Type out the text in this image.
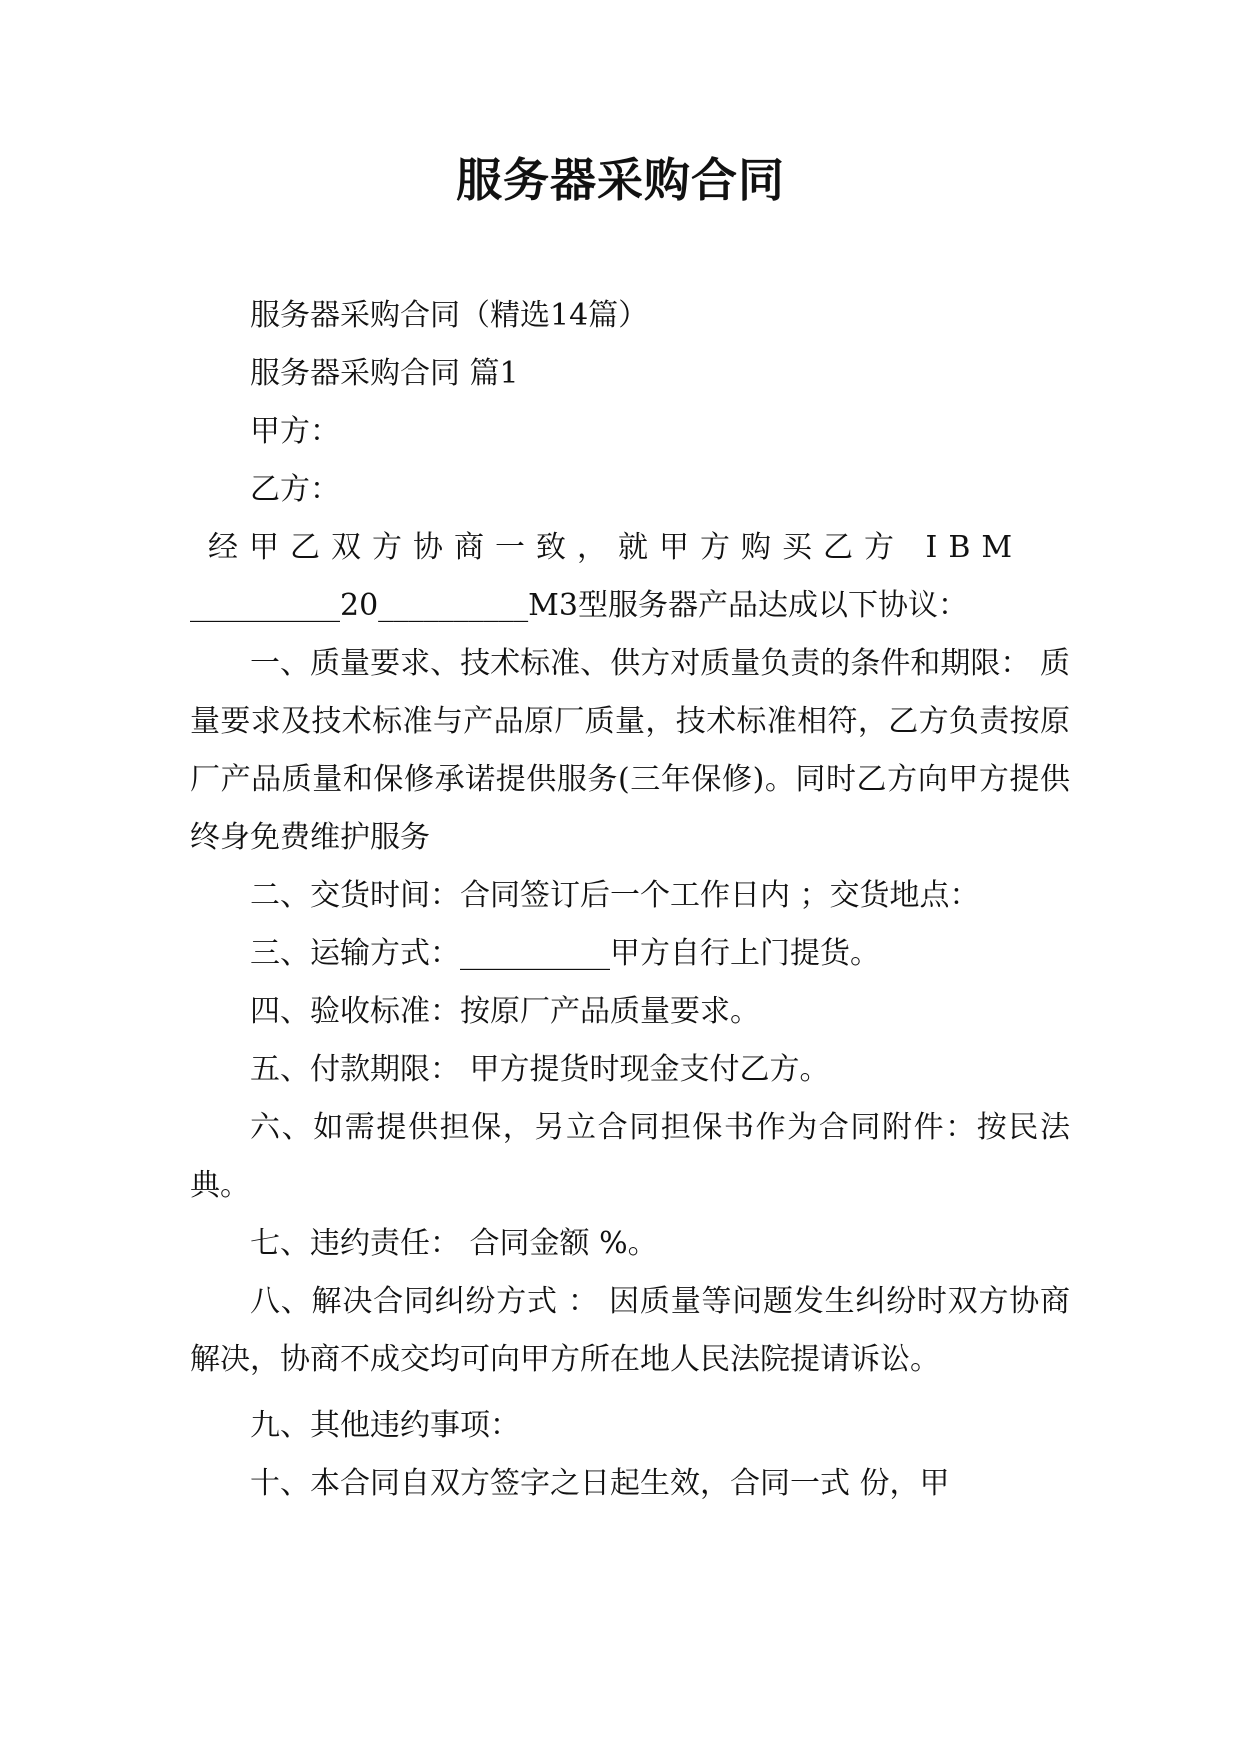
服务器采购合同

服务器采购合同（精选14篇）

服务器采购合同 篇1

甲方：

乙方：

经甲乙双方协商一致，就甲方购买乙方 IBM

__________20__________M3型服务器产品达成以下协议：

一、质量要求、技术标准、供方对质量负责的条件和期限： 质量要求及技术标准与产品原厂质量，技术标准相符，乙方负责按原厂产品质量和保修承诺提供服务(三年保修)。同时乙方向甲方提供终身免费维护服务

二、交货时间：合同签订后一个工作日内 ；交货地点：

三、运输方式：__________甲方自行上门提货。

四、验收标准：按原厂产品质量要求。

五、付款期限： 甲方提货时现金支付乙方。

六、如需提供担保，另立合同担保书作为合同附件：按民法典。

七、违约责任： 合同金额 %。

八、解决合同纠纷方式 ： 因质量等问题发生纠纷时双方协商解决，协商不成交均可向甲方所在地人民法院提请诉讼。

九、其他违约事项：

十、本合同自双方签字之日起生效，合同一式 份，甲
